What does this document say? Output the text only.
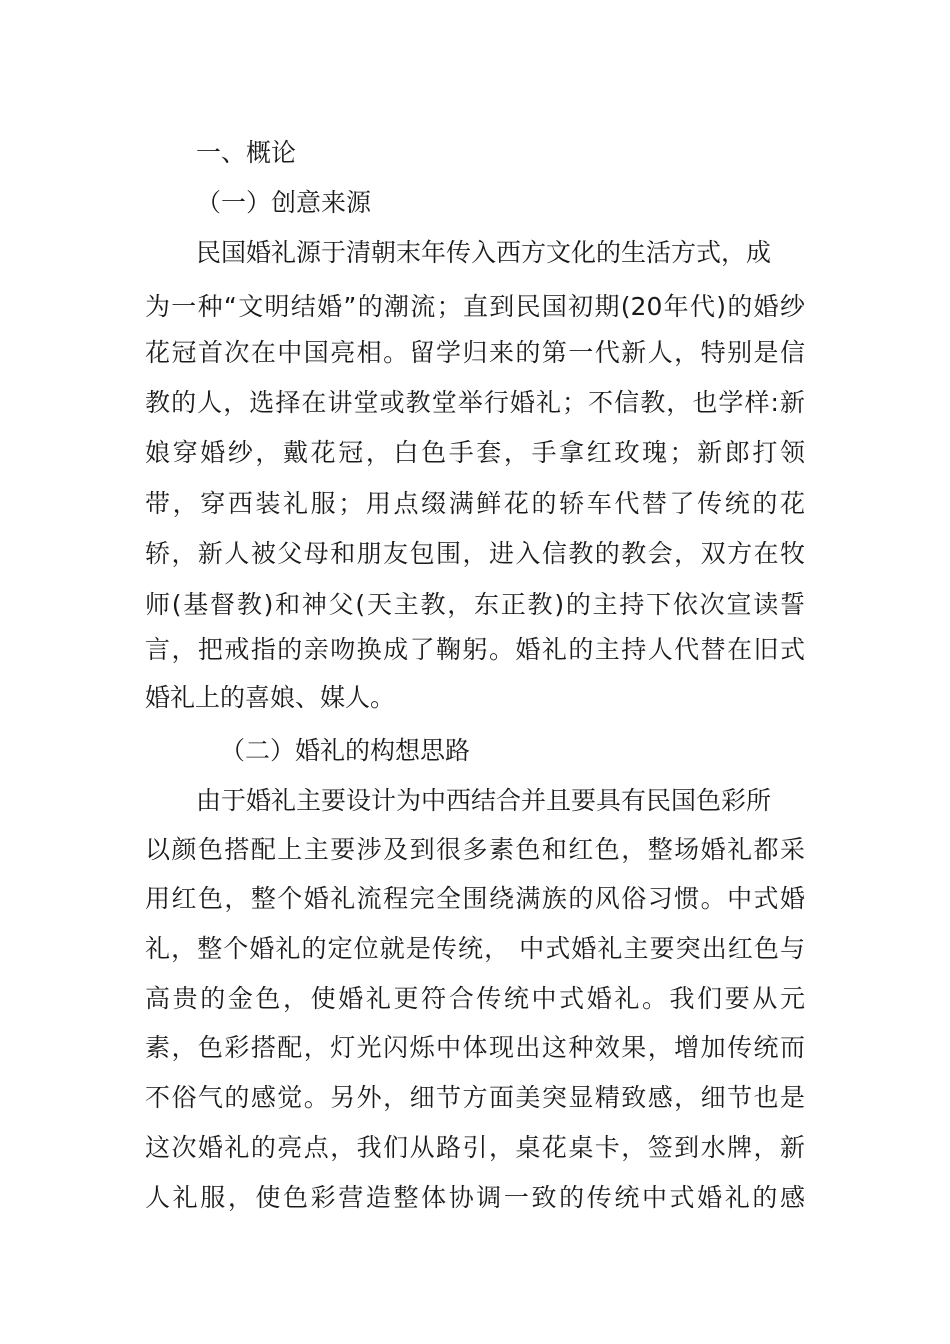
一、概论
（一）创意来源
民国婚礼源于清朝末年传入西方文化的生活方式，成
为一种“文明结婚”的潮流；直到民国初期(20年代)的婚纱
花冠首次在中国亮相。留学归来的第一代新人，特别是信
教的人，选择在讲堂或教堂举行婚礼；不信教，也学样:新
娘穿婚纱，戴花冠，白色手套，手拿红玫瑰；新郎打领
带，穿西装礼服；用点缀满鲜花的轿车代替了传统的花
轿，新人被父母和朋友包围，进入信教的教会，双方在牧
师(基督教)和神父(天主教，东正教)的主持下依次宣读誓
言，把戒指的亲吻换成了鞠躬。婚礼的主持人代替在旧式
婚礼上的喜娘、媒人。
（二）婚礼的构想思路
由于婚礼主要设计为中西结合并且要具有民国色彩所
以颜色搭配上主要涉及到很多素色和红色，整场婚礼都采
用红色，整个婚礼流程完全围绕满族的风俗习惯。中式婚
礼，整个婚礼的定位就是传统， 中式婚礼主要突出红色与
高贵的金色，使婚礼更符合传统中式婚礼。我们要从元
素，色彩搭配，灯光闪烁中体现出这种效果，增加传统而
不俗气的感觉。另外，细节方面美突显精致感，细节也是
这次婚礼的亮点，我们从路引，桌花桌卡，签到水牌，新
人礼服，使色彩营造整体协调一致的传统中式婚礼的感
